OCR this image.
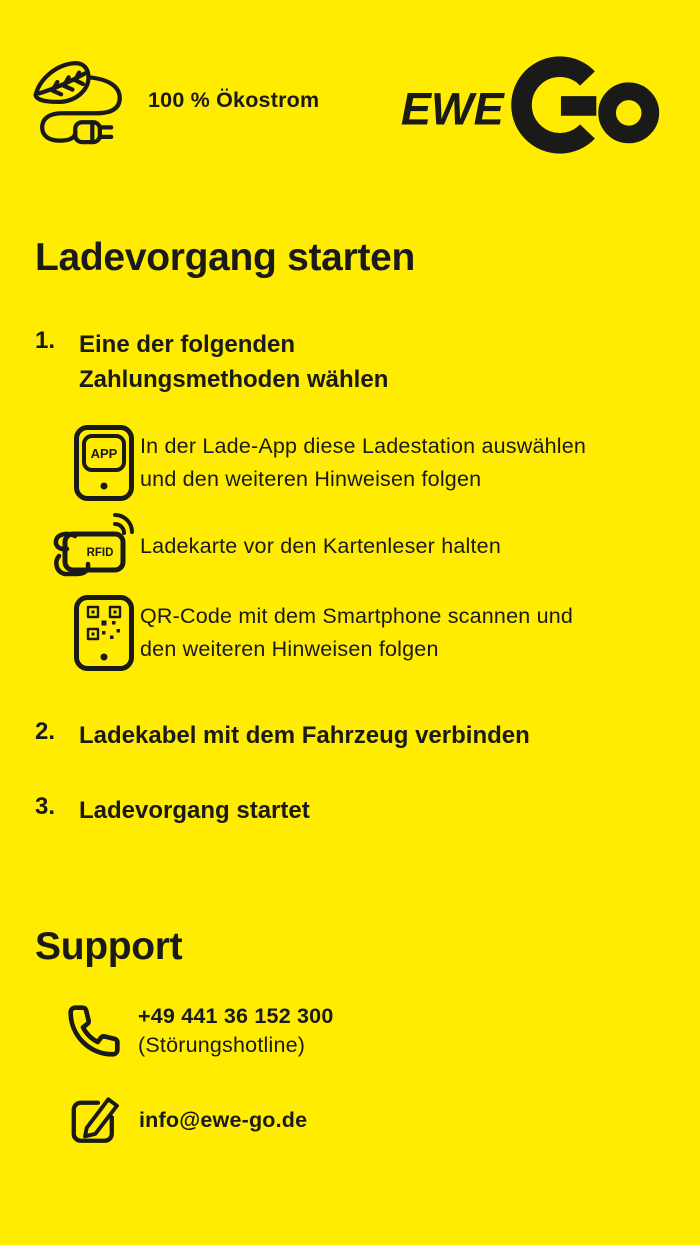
100 % Ökostrom EWE
Ladevorgang starten
1. Eine der folgenden
Zahlungsmethoden wählen
APP In der Lade-App diese Ladestation auswählen
und den weiteren Hinweisen folgen
RFID Ladekarte vor den Kartenleser halten
QR-Code mit dem Smartphone scannen und
den weiteren Hinweisen folgen
2. Ladekabel mit dem Fahrzeug verbinden
3. Ladevorgang startet
Support
+49 441 36 152 300
(Störungshotline)
info@ewe-go.de
